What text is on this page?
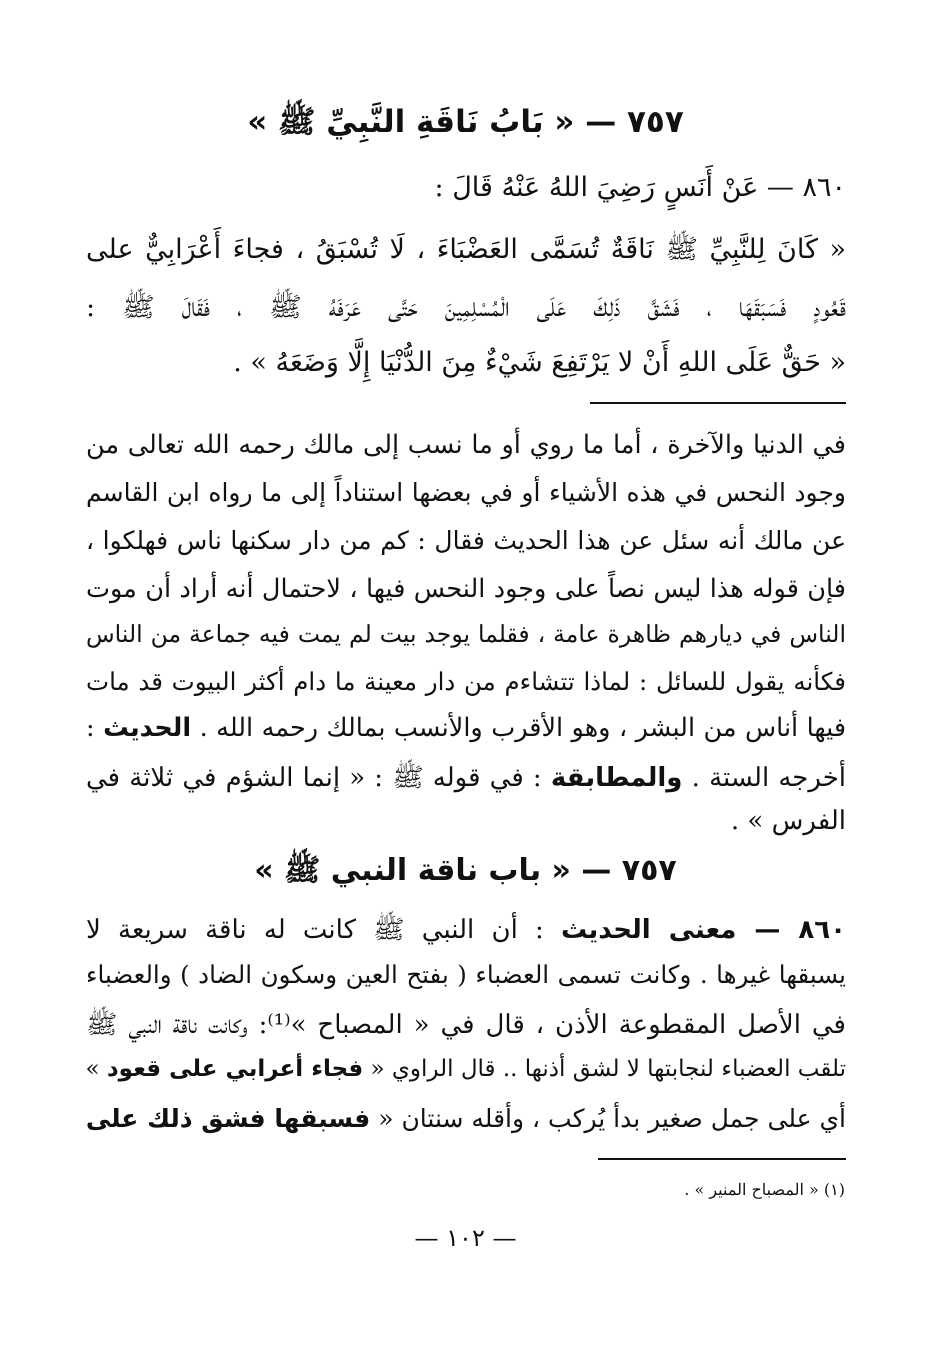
٧٥٧ — « بَابُ نَاقَةِ النَّبِيِّ ﷺ »
٨٦٠ — عَنْ أَنَسٍ رَضِيَ اللهُ عَنْهُ قَالَ :
« كَانَ لِلنَّبِيِّ ﷺ نَاقَةٌ تُسَمَّى العَضْبَاءَ ، لَا تُسْبَقُ ، فجاءَ أَعْرَابِيٌّ على
قَعُودٍ فَسَبَقَهَا ، فَشَقَّ ذَلِكَ عَلَى الْمُسْلِمِينَ حَتَّى عَرَفَهُ ﷺ ، فَقَالَ ﷺ :
« حَقٌّ عَلَى اللهِ أَنْ لا يَرْتَفِعَ شَيْءٌ مِنَ الدُّنْيَا إِلَّا وَضَعَهُ » .
في الدنيا والآخرة ، أما ما روي أو ما نسب إلى مالك رحمه الله تعالى من
وجود النحس في هذه الأشياء أو في بعضها استناداً إلى ما رواه ابن القاسم
عن مالك أنه سئل عن هذا الحديث فقال : كم من دار سكنها ناس فهلكوا ،
فإن قوله هذا ليس نصاً على وجود النحس فيها ، لاحتمال أنه أراد أن موت
الناس في ديارهم ظاهرة عامة ، فقلما يوجد بيت لم يمت فيه جماعة من الناس
فكأنه يقول للسائل : لماذا تتشاءم من دار معينة ما دام أكثر البيوت قد مات
فيها أناس من البشر ، وهو الأقرب والأنسب بمالك رحمه الله . الحديث :
أخرجه الستة . والمطابقة : في قوله ﷺ : « إنما الشؤم في ثلاثة في
الفرس » .
٧٥٧ — « باب ناقة النبي ﷺ »
٨٦٠ — معنى الحديث : أن النبي ﷺ كانت له ناقة سريعة لا
يسبقها غيرها . وكانت تسمى العضباء ( بفتح العين وسكون الضاد ) والعضباء
في الأصل المقطوعة الأذن ، قال في « المصباح »⁽¹⁾: وكانت ناقة النبي ﷺ
تلقب العضباء لنجابتها لا لشق أذنها .. قال الراوي « فجاء أعرابي على قعود »
أي على جمل صغير بدأ يُركب ، وأقله سنتان « فسبقها فشق ذلك على
(١) « المصباح المنير » .
— ١٠٢ —
